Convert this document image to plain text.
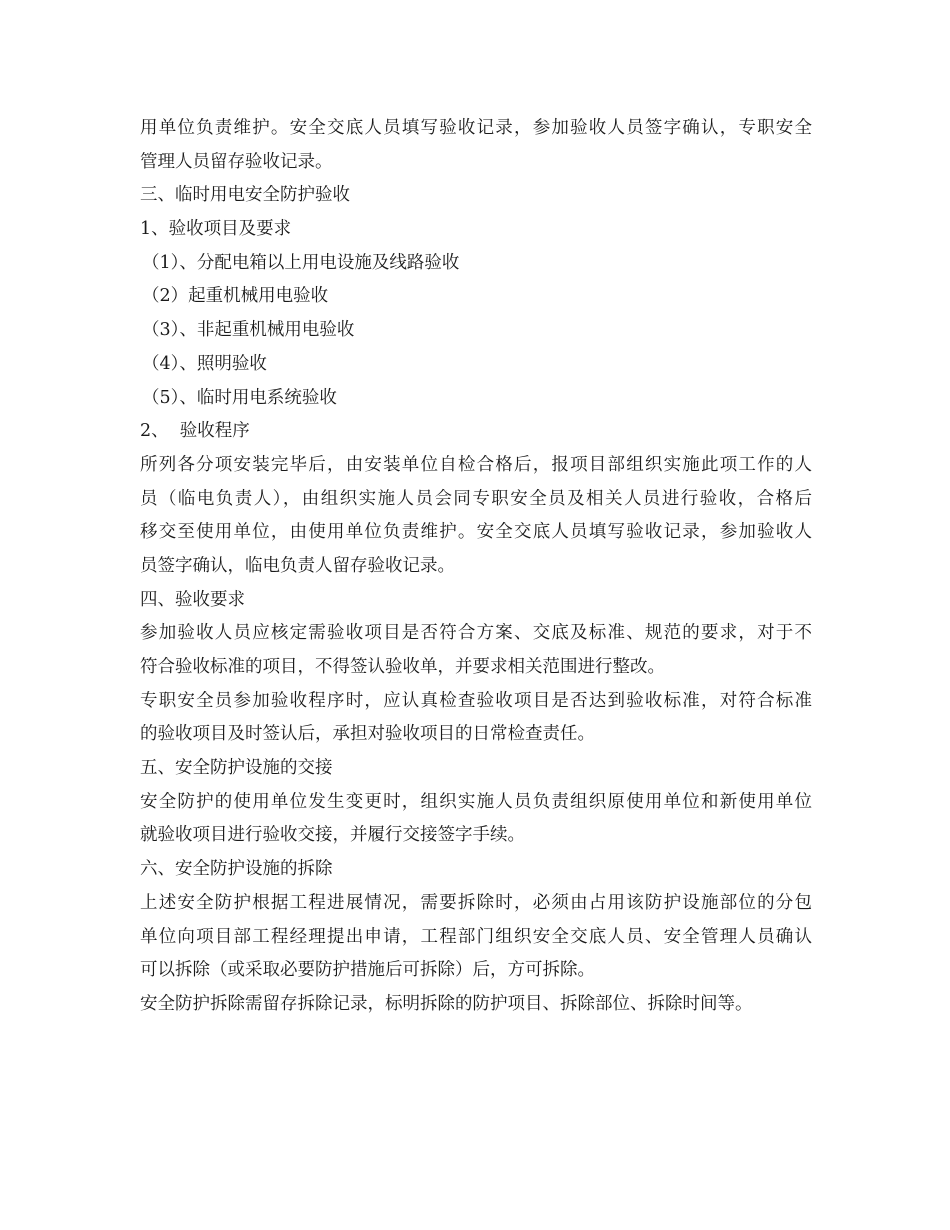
用单位负责维护。安全交底人员填写验收记录，参加验收人员签字确认，专职安全
管理人员留存验收记录。
三、临时用电安全防护验收
1、验收项目及要求
（1）、分配电箱以上用电设施及线路验收
（2）起重机械用电验收
（3）、非起重机械用电验收
（4）、照明验收
（5）、临时用电系统验收
2、  验收程序
所列各分项安装完毕后，由安装单位自检合格后，报项目部组织实施此项工作的人
员（临电负责人），由组织实施人员会同专职安全员及相关人员进行验收，合格后
移交至使用单位，由使用单位负责维护。安全交底人员填写验收记录，参加验收人
员签字确认，临电负责人留存验收记录。
四、验收要求
参加验收人员应核定需验收项目是否符合方案、交底及标准、规范的要求，对于不
符合验收标准的项目，不得签认验收单，并要求相关范围进行整改。
专职安全员参加验收程序时，应认真检查验收项目是否达到验收标准，对符合标准
的验收项目及时签认后，承担对验收项目的日常检查责任。
五、安全防护设施的交接
安全防护的使用单位发生变更时，组织实施人员负责组织原使用单位和新使用单位
就验收项目进行验收交接，并履行交接签字手续。
六、安全防护设施的拆除
上述安全防护根据工程进展情况，需要拆除时，必须由占用该防护设施部位的分包
单位向项目部工程经理提出申请，工程部门组织安全交底人员、安全管理人员确认
可以拆除（或采取必要防护措施后可拆除）后，方可拆除。
安全防护拆除需留存拆除记录，标明拆除的防护项目、拆除部位、拆除时间等。
